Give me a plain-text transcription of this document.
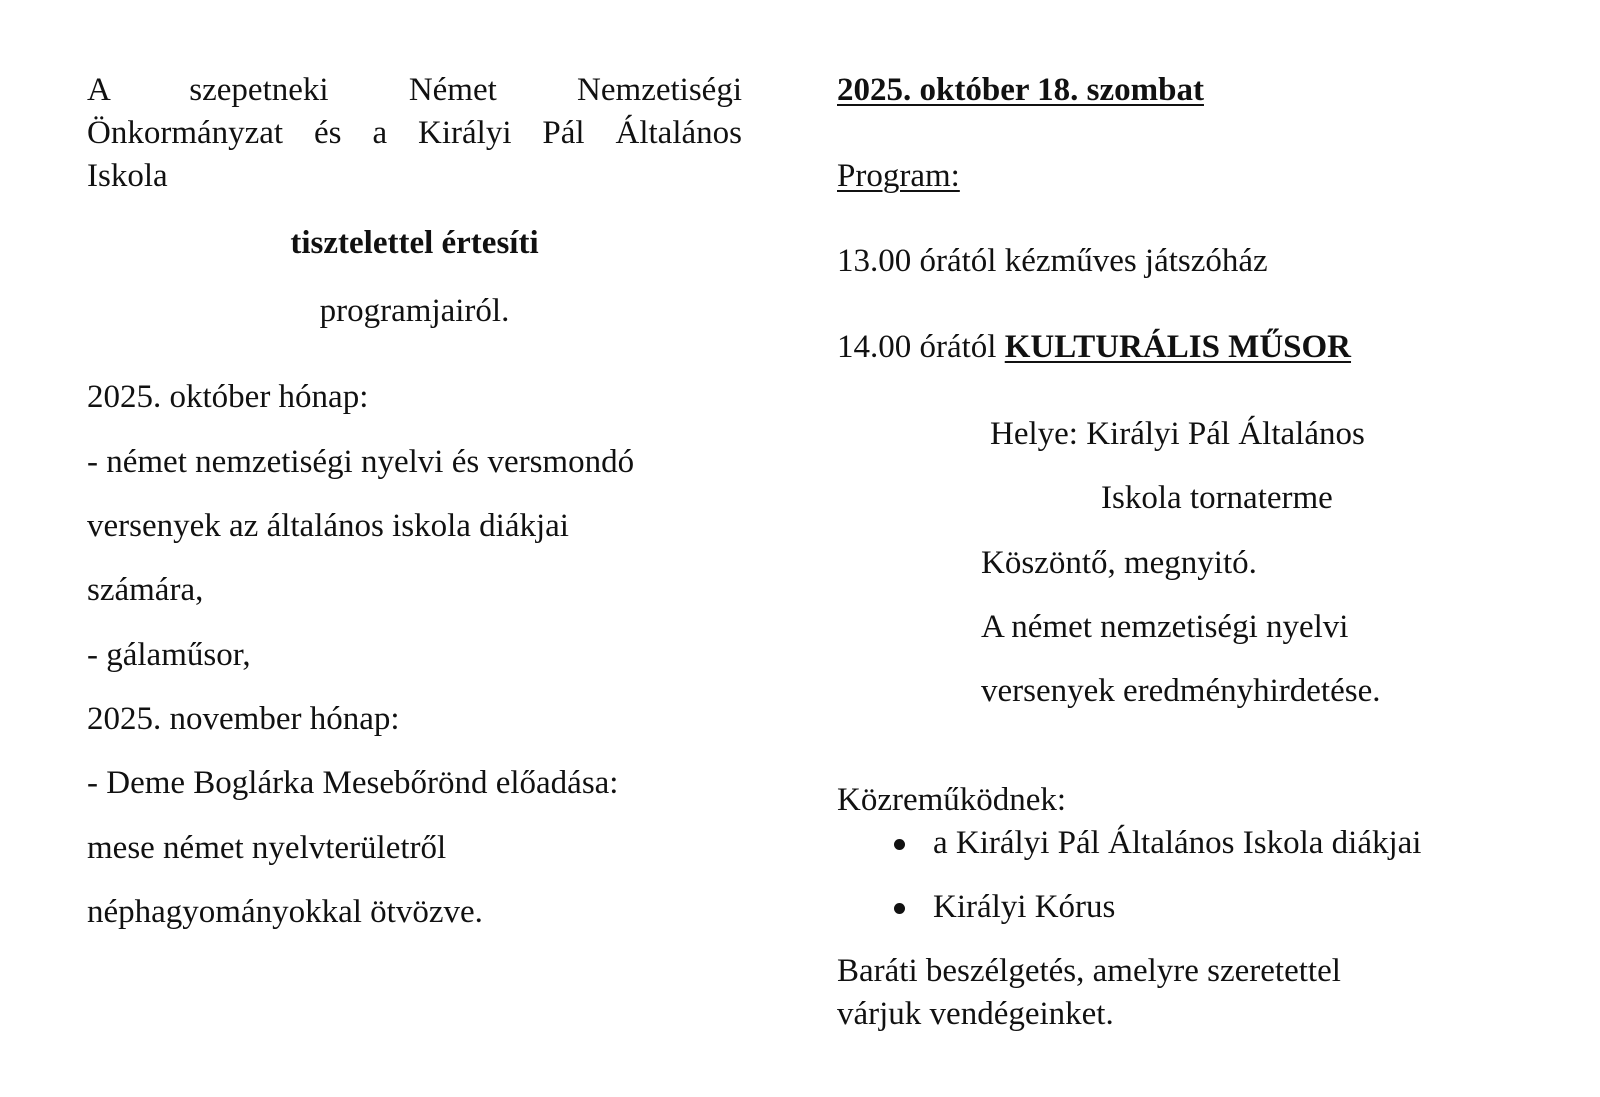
A szepetneki Német Nemzetiségi
Önkormányzat és a Királyi Pál Általános
Iskola
tisztelettel értesíti
programjairól.
2025. október hónap:
- német nemzetiségi nyelvi és versmondó
versenyek az általános iskola diákjai
számára,
- gálaműsor,
2025. november hónap:
- Deme Boglárka Mesebőrönd előadása:
mese német nyelvterületről
néphagyományokkal ötvözve.
2025. október 18. szombat
Program:
13.00 órától kézműves játszóház
14.00 órától KULTURÁLIS MŰSOR
Helye: Királyi Pál Általános
Iskola tornaterme
Köszöntő, megnyitó.
A német nemzetiségi nyelvi
versenyek eredményhirdetése.
Közreműködnek:
a Királyi Pál Általános Iskola diákjai
Királyi Kórus
Baráti beszélgetés, amelyre szeretettel
várjuk vendégeinket.
